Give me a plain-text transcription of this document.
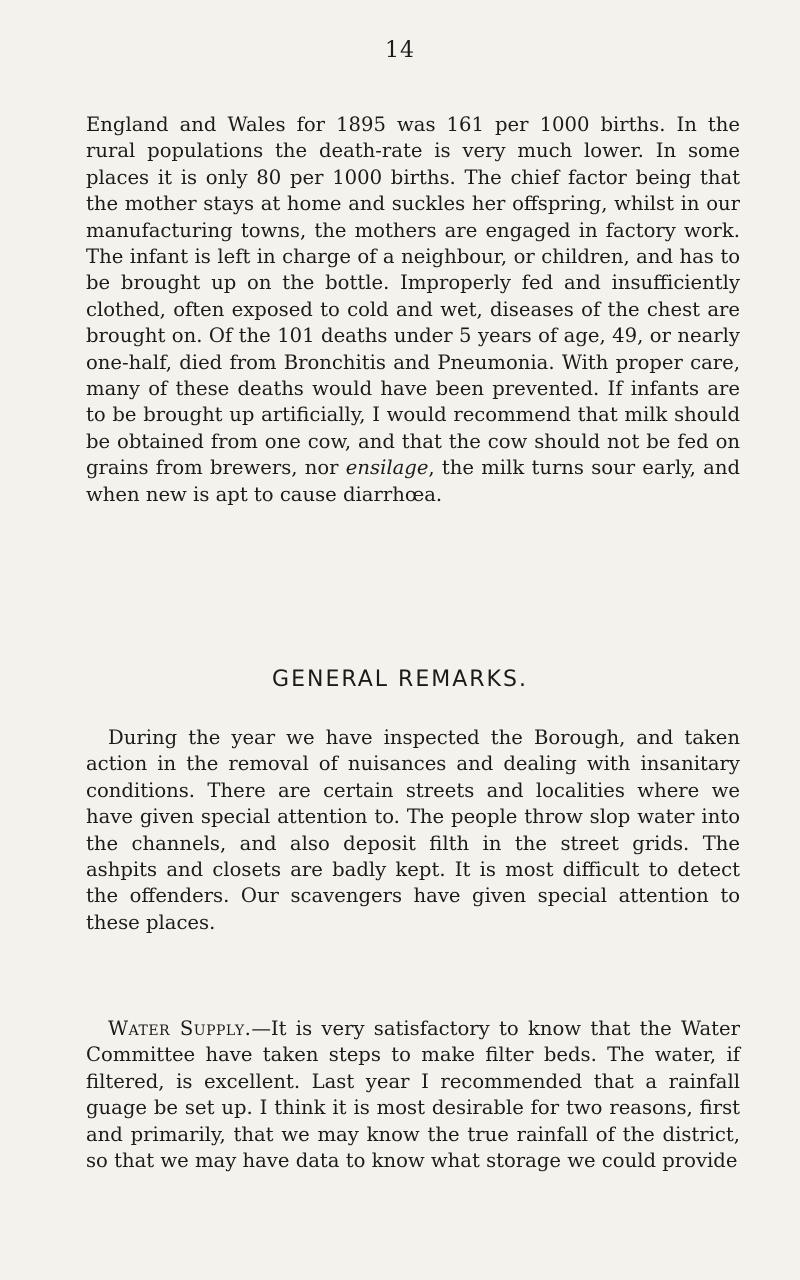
14

England and Wales for 1895 was 161 per 1000 births. In the rural populations the death-rate is very much lower. In some places it is only 80 per 1000 births. The chief factor being that the mother stays at home and suckles her offspring, whilst in our manufacturing towns, the mothers are engaged in factory work. The infant is left in charge of a neighbour, or children, and has to be brought up on the bottle. Improperly fed and insufficiently clothed, often exposed to cold and wet, diseases of the chest are brought on. Of the 101 deaths under 5 years of age, 49, or nearly one-half, died from Bronchitis and Pneumonia. With proper care, many of these deaths would have been prevented. If infants are to be brought up artificially, I would recommend that milk should be obtained from one cow, and that the cow should not be fed on grains from brewers, nor ensilage, the milk turns sour early, and when new is apt to cause diarrhœa.

GENERAL REMARKS.

During the year we have inspected the Borough, and taken action in the removal of nuisances and dealing with insanitary conditions. There are certain streets and localities where we have given special attention to. The people throw slop water into the channels, and also deposit filth in the street grids. The ashpits and closets are badly kept. It is most difficult to detect the offenders. Our scavengers have given special attention to these places.

Water Supply.—It is very satisfactory to know that the Water Committee have taken steps to make filter beds. The water, if filtered, is excellent. Last year I recommended that a rainfall guage be set up. I think it is most desirable for two reasons, first and primarily, that we may know the true rainfall of the district, so that we may have data to know what storage we could provide
